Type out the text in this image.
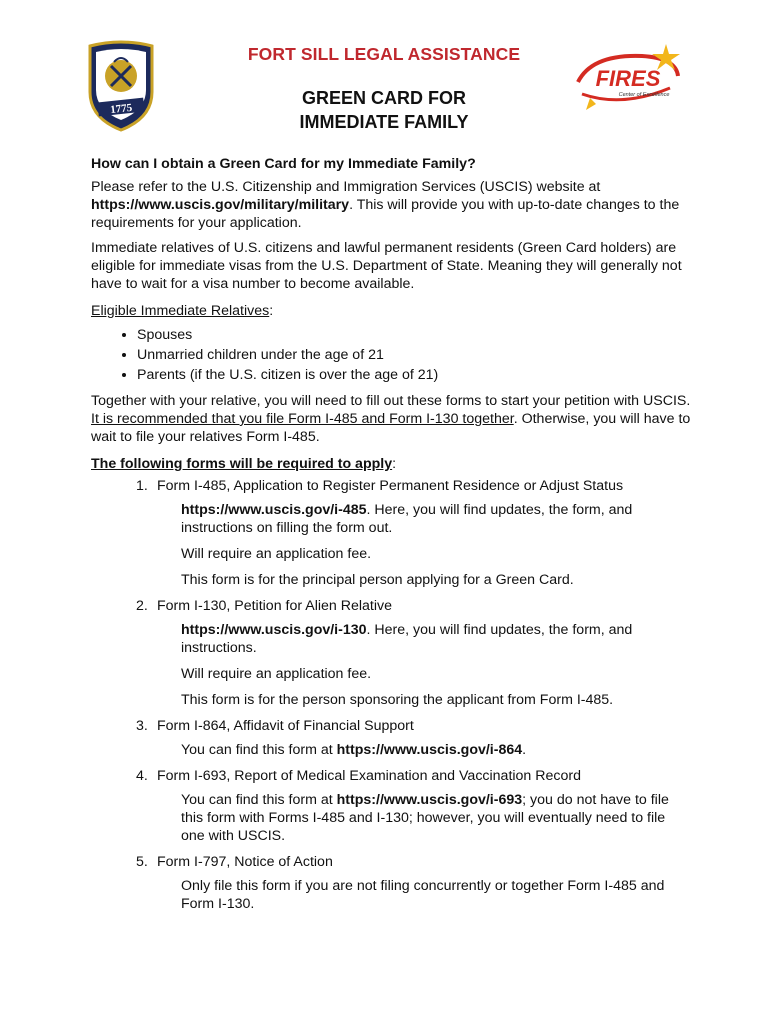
1775
FIRES
Center of Excellence
FORT SILL LEGAL ASSISTANCE
GREEN CARD FOR
IMMEDIATE FAMILY

How can I obtain a Green Card for my Immediate Family?

Please refer to the U.S. Citizenship and Immigration Services (USCIS) website at https://www.uscis.gov/military/military. This will provide you with up-to-date changes to the requirements for your application.

Immediate relatives of U.S. citizens and lawful permanent residents (Green Card holders) are eligible for immediate visas from the U.S. Department of State. Meaning they will generally not have to wait for a visa number to become available.

Eligible Immediate Relatives:

• Spouses
• Unmarried children under the age of 21
• Parents (if the U.S. citizen is over the age of 21)

Together with your relative, you will need to fill out these forms to start your petition with USCIS. It is recommended that you file Form I-485 and Form I-130 together. Otherwise, you will have to wait to file your relatives Form I-485.

The following forms will be required to apply:

1. Form I-485, Application to Register Permanent Residence or Adjust Status

https://www.uscis.gov/i-485. Here, you will find updates, the form, and instructions on filling the form out.

Will require an application fee.

This form is for the principal person applying for a Green Card.

2. Form I-130, Petition for Alien Relative

https://www.uscis.gov/i-130. Here, you will find updates, the form, and instructions.

Will require an application fee.

This form is for the person sponsoring the applicant from Form I-485.

3. Form I-864, Affidavit of Financial Support

You can find this form at https://www.uscis.gov/i-864.

4. Form I-693, Report of Medical Examination and Vaccination Record

You can find this form at https://www.uscis.gov/i-693; you do not have to file this form with Forms I-485 and I-130; however, you will eventually need to file one with USCIS.

5. Form I-797, Notice of Action

Only file this form if you are not filing concurrently or together Form I-485 and Form I-130.
